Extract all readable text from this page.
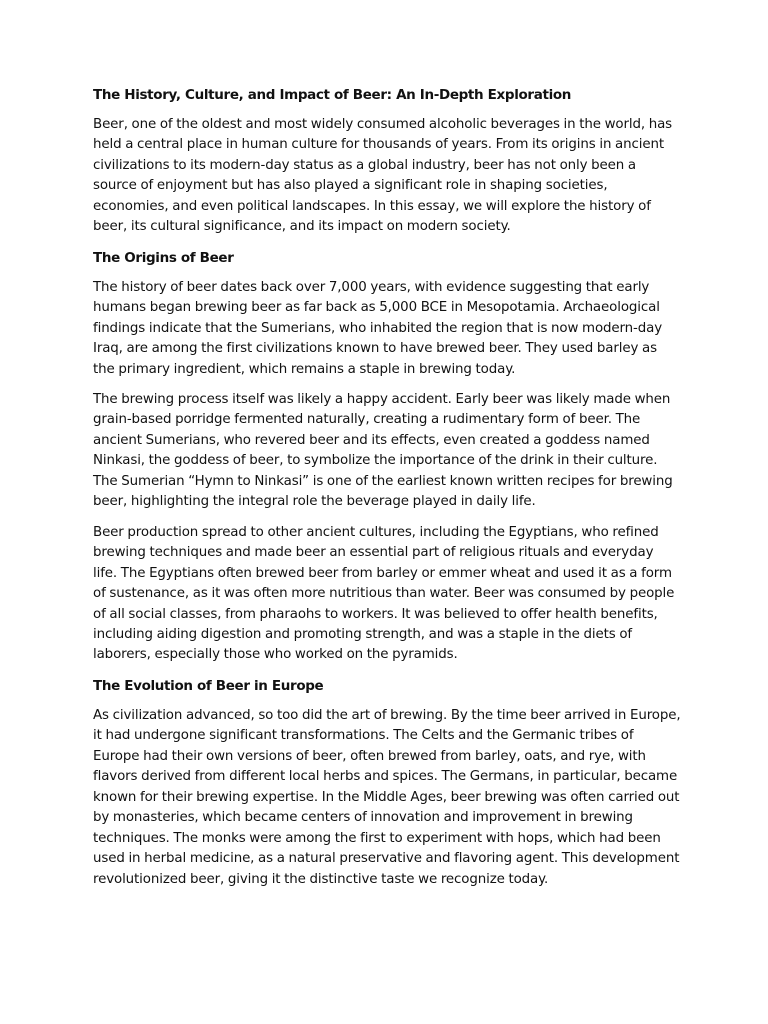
The History, Culture, and Impact of Beer: An In-Depth Exploration

Beer, one of the oldest and most widely consumed alcoholic beverages in the world, has held a central place in human culture for thousands of years. From its origins in ancient civilizations to its modern-day status as a global industry, beer has not only been a source of enjoyment but has also played a significant role in shaping societies, economies, and even political landscapes. In this essay, we will explore the history of beer, its cultural significance, and its impact on modern society.

The Origins of Beer

The history of beer dates back over 7,000 years, with evidence suggesting that early humans began brewing beer as far back as 5,000 BCE in Mesopotamia. Archaeological findings indicate that the Sumerians, who inhabited the region that is now modern-day Iraq, are among the first civilizations known to have brewed beer. They used barley as the primary ingredient, which remains a staple in brewing today.

The brewing process itself was likely a happy accident. Early beer was likely made when grain-based porridge fermented naturally, creating a rudimentary form of beer. The ancient Sumerians, who revered beer and its effects, even created a goddess named Ninkasi, the goddess of beer, to symbolize the importance of the drink in their culture. The Sumerian “Hymn to Ninkasi” is one of the earliest known written recipes for brewing beer, highlighting the integral role the beverage played in daily life.

Beer production spread to other ancient cultures, including the Egyptians, who refined brewing techniques and made beer an essential part of religious rituals and everyday life. The Egyptians often brewed beer from barley or emmer wheat and used it as a form of sustenance, as it was often more nutritious than water. Beer was consumed by people of all social classes, from pharaohs to workers. It was believed to offer health benefits, including aiding digestion and promoting strength, and was a staple in the diets of laborers, especially those who worked on the pyramids.

The Evolution of Beer in Europe

As civilization advanced, so too did the art of brewing. By the time beer arrived in Europe, it had undergone significant transformations. The Celts and the Germanic tribes of Europe had their own versions of beer, often brewed from barley, oats, and rye, with flavors derived from different local herbs and spices. The Germans, in particular, became known for their brewing expertise. In the Middle Ages, beer brewing was often carried out by monasteries, which became centers of innovation and improvement in brewing techniques. The monks were among the first to experiment with hops, which had been used in herbal medicine, as a natural preservative and flavoring agent. This development revolutionized beer, giving it the distinctive taste we recognize today.
